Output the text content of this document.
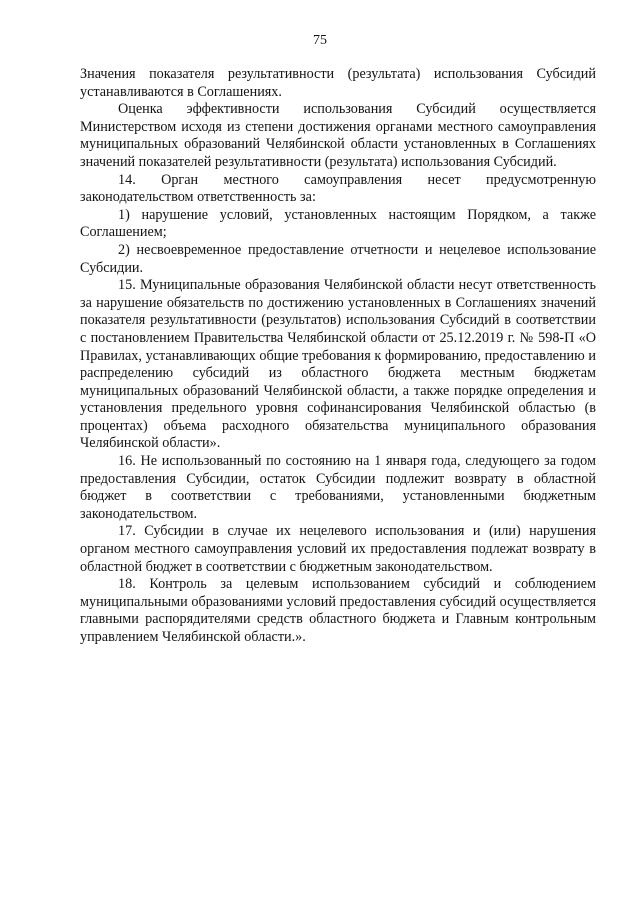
75

Значения показателя результативности (результата) использования Субсидий устанавливаются в Соглашениях.

Оценка эффективности использования Субсидий осуществляется Министерством исходя из степени достижения органами местного самоуправления муниципальных образований Челябинской области установленных в Соглашениях значений показателей результативности (результата) использования Субсидий.

14. Орган местного самоуправления несет предусмотренную законодательством ответственность за:

1) нарушение условий, установленных настоящим Порядком, а также Соглашением;

2) несвоевременное предоставление отчетности и нецелевое использование Субсидии.

15. Муниципальные образования Челябинской области несут ответственность за нарушение обязательств по достижению установленных в Соглашениях значений показателя результативности (результатов) использования Субсидий в соответствии с постановлением Правительства Челябинской области от 25.12.2019 г. № 598-П «О Правилах, устанавливающих общие требования к формированию, предоставлению и распределению субсидий из областного бюджета местным бюджетам муниципальных образований Челябинской области, а также порядке определения и установления предельного уровня софинансирования Челябинской областью (в процентах) объема расходного обязательства муниципального образования Челябинской области».

16. Не использованный по состоянию на 1 января года, следующего за годом предоставления Субсидии, остаток Субсидии подлежит возврату в областной бюджет в соответствии с требованиями, установленными бюджетным законодательством.

17. Субсидии в случае их нецелевого использования и (или) нарушения органом местного самоуправления условий их предоставления подлежат возврату в областной бюджет в соответствии с бюджетным законодательством.

18. Контроль за целевым использованием субсидий и соблюдением муниципальными образованиями условий предоставления субсидий осуществляется главными распорядителями средств областного бюджета и Главным контрольным управлением Челябинской области.».
